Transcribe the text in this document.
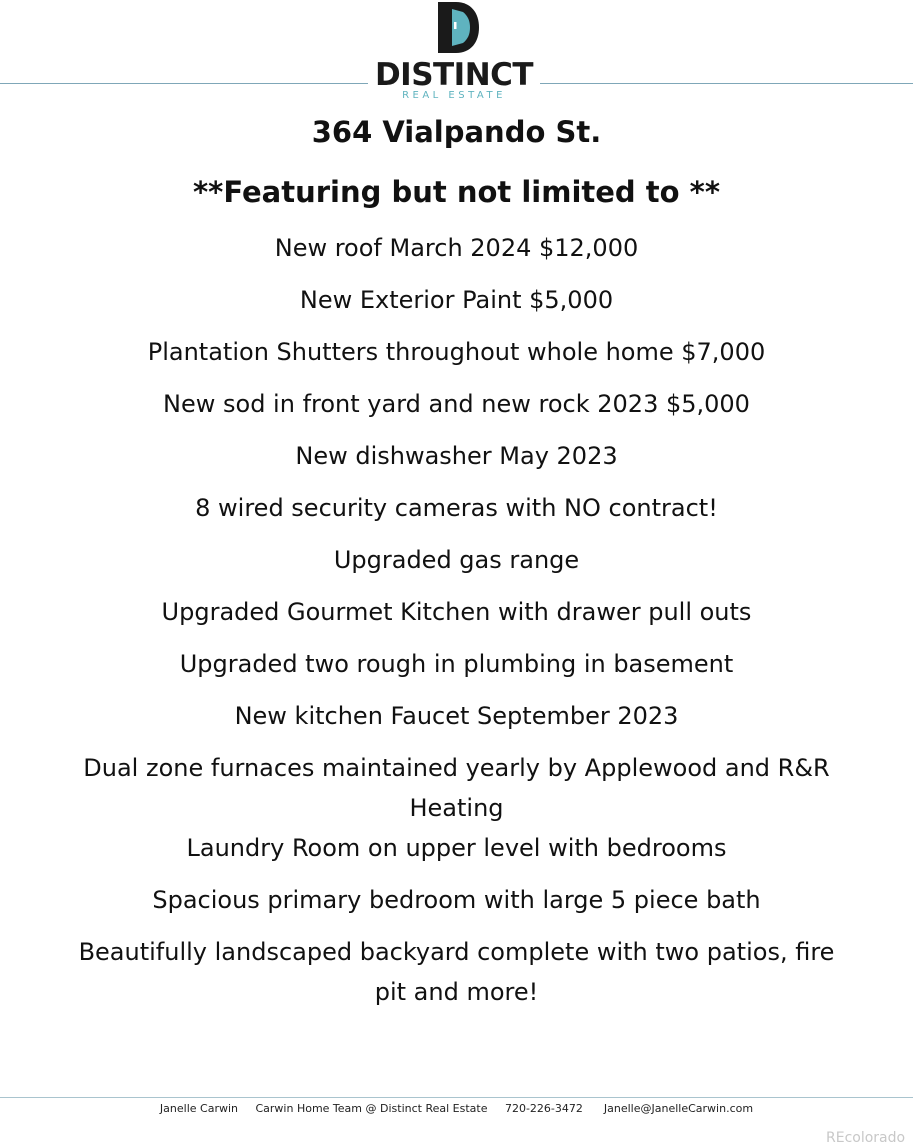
DISTINCT
REAL ESTATE
364 Vialpando St.
**Featuring but not limited to **
New roof March 2024 $12,000
New Exterior Paint $5,000
Plantation Shutters throughout whole home $7,000
New sod in front yard and new rock 2023 $5,000
New dishwasher May 2023
8 wired security cameras with NO contract!
Upgraded gas range
Upgraded Gourmet Kitchen with drawer pull outs
Upgraded two rough in plumbing in basement
New kitchen Faucet September 2023
Dual zone furnaces maintained yearly by Applewood and R&R
Heating
Laundry Room on upper level with bedrooms
Spacious primary bedroom with large 5 piece bath
Beautifully landscaped backyard complete with two patios, fire
pit and more!
Janelle Carwin Carwin Home Team @ Distinct Real Estate 720-226-3472 Janelle@JanelleCarwin.com
REcolorado
